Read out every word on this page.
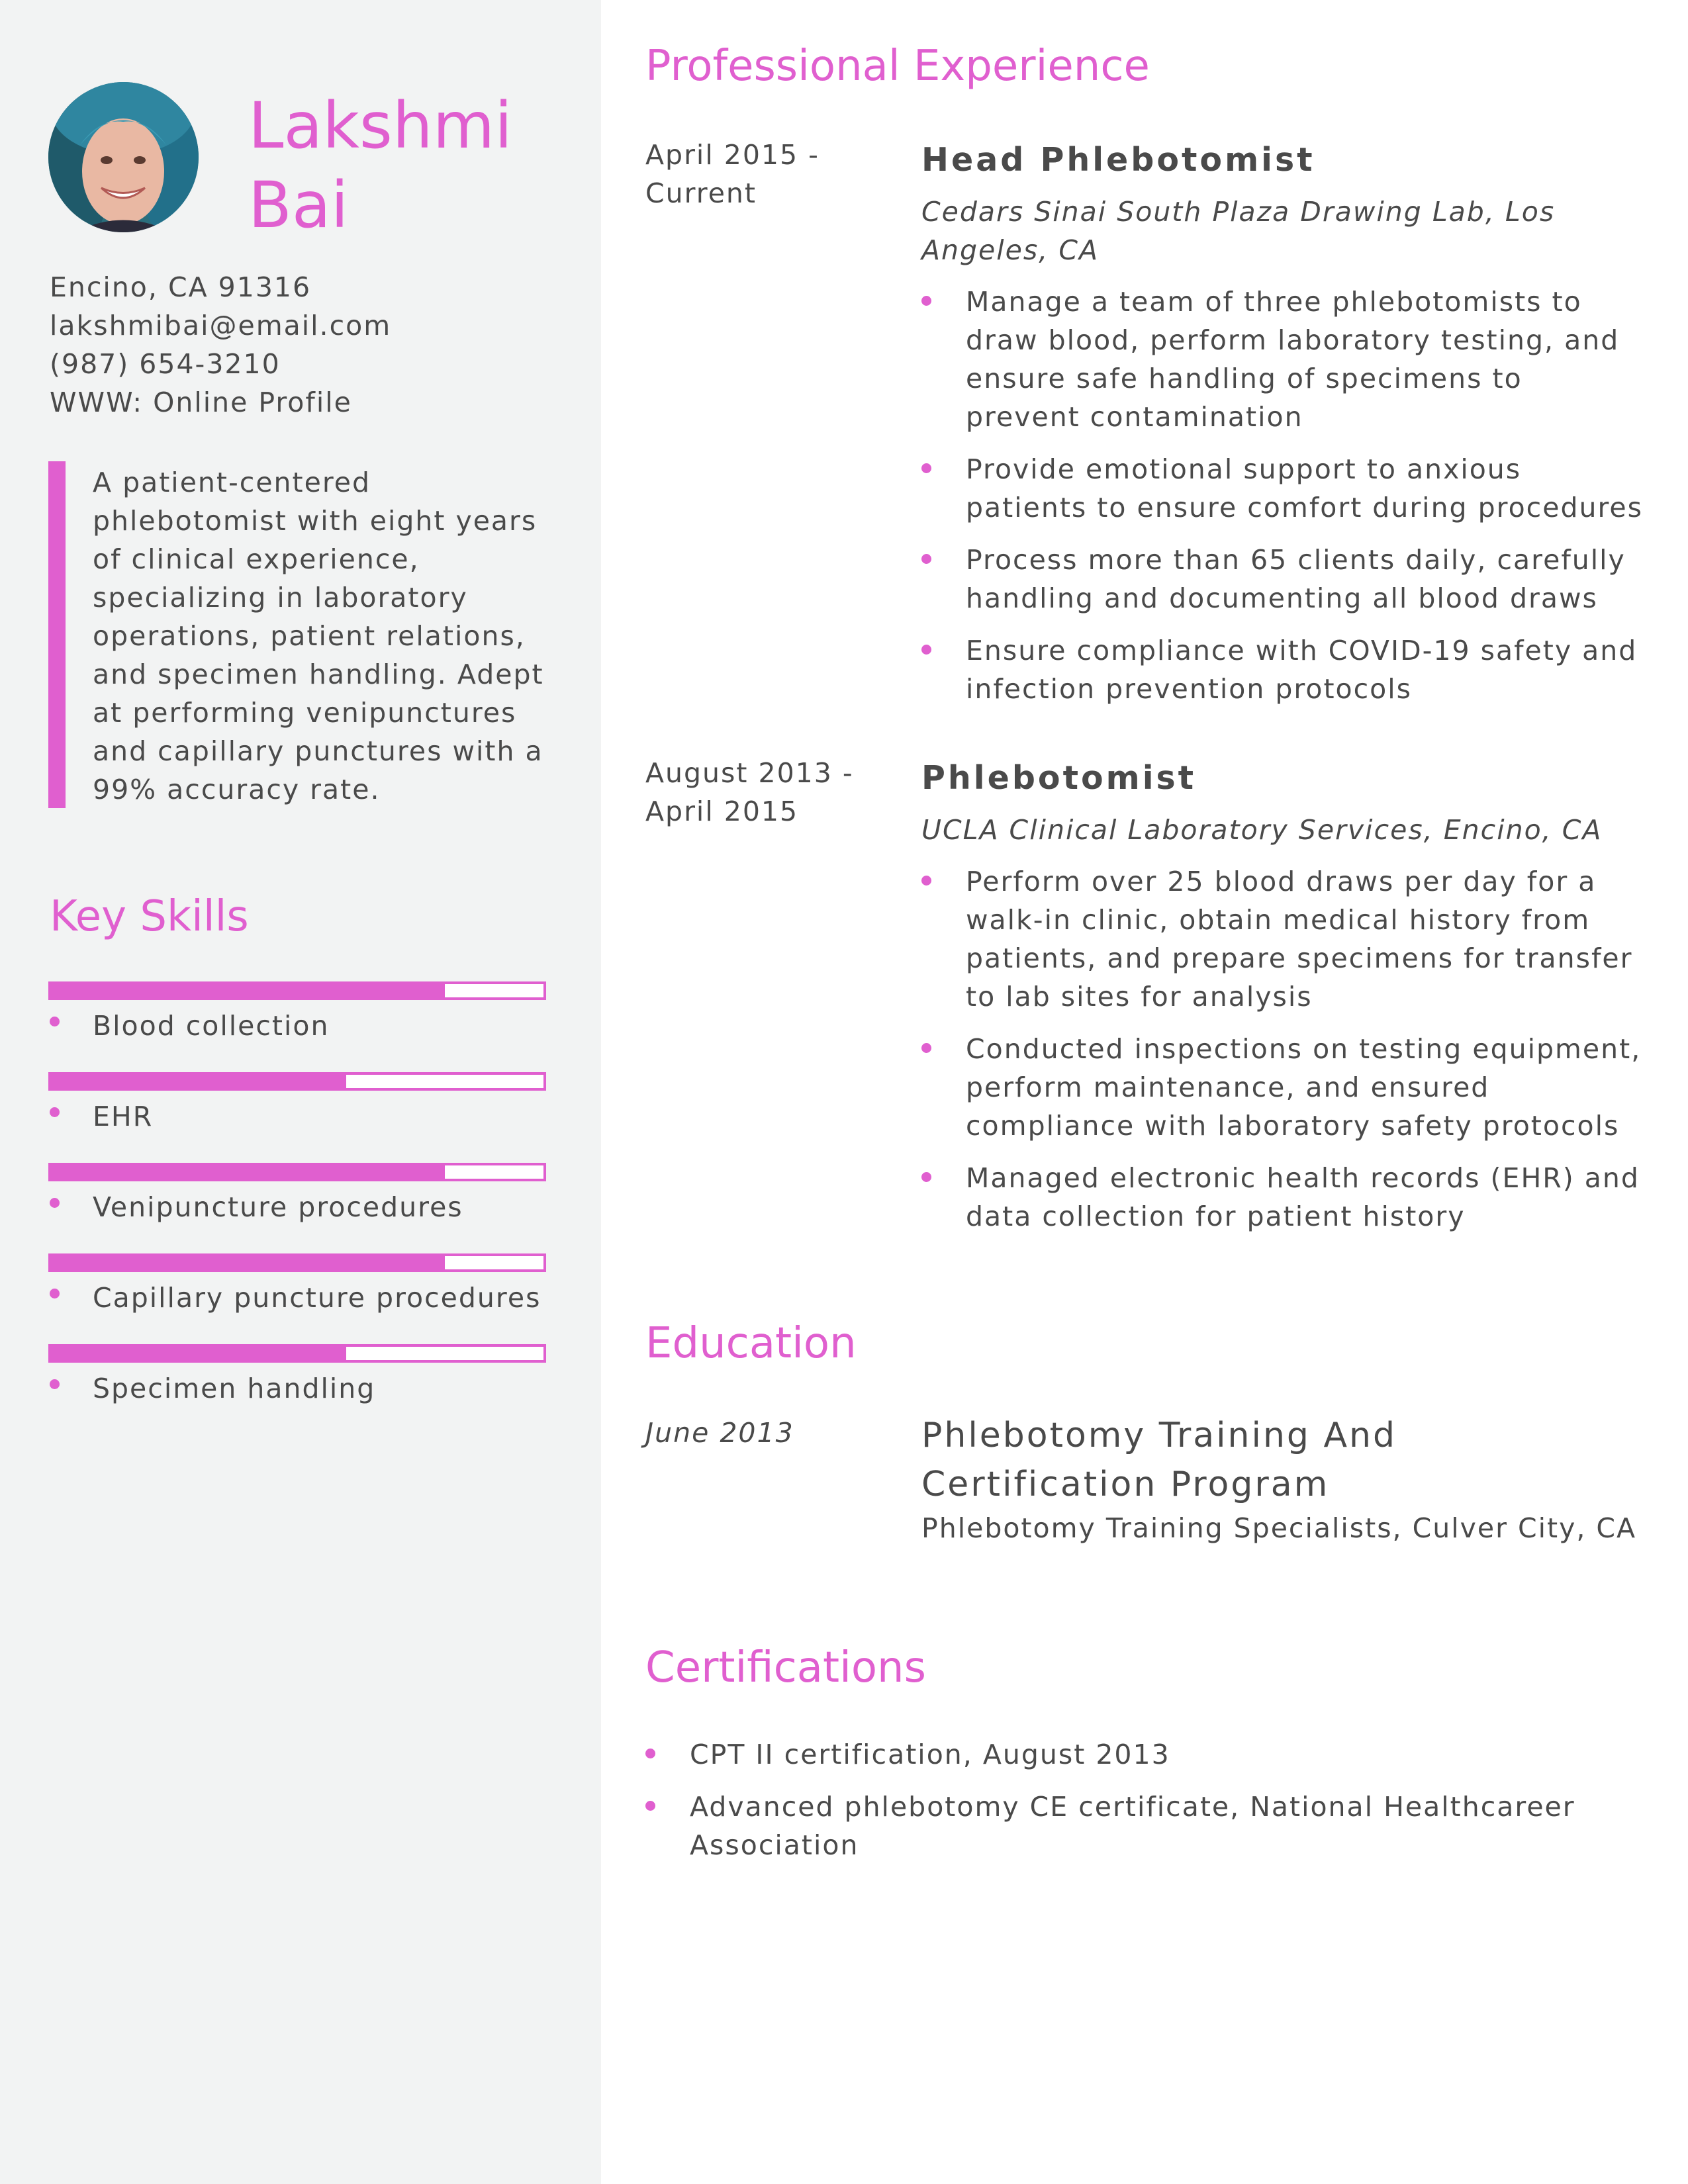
Lakshmi
Bai
Encino, CA 91316
lakshmibai@email.com
(987) 654-3210
WWW: Online Profile

A patient-centered phlebotomist with eight years of clinical experience, specializing in laboratory operations, patient relations, and specimen handling. Adept at performing venipunctures and capillary punctures with a 99% accuracy rate.

Key Skills
Blood collection
EHR
Venipuncture procedures
Capillary puncture procedures
Specimen handling
Professional Experience
April 2015 -
Current
Head Phlebotomist
Cedars Sinai South Plaza Drawing Lab, Los Angeles, CA
Manage a team of three phlebotomists to draw blood, perform laboratory testing, and ensure safe handling of specimens to prevent contamination
Provide emotional support to anxious patients to ensure comfort during procedures
Process more than 65 clients daily, carefully handling and documenting all blood draws
Ensure compliance with COVID-19 safety and infection prevention protocols
August 2013 -
April 2015
Phlebotomist
UCLA Clinical Laboratory Services, Encino, CA
Perform over 25 blood draws per day for a walk-in clinic, obtain medical history from patients, and prepare specimens for transfer to lab sites for analysis
Conducted inspections on testing equipment, perform maintenance, and ensured compliance with laboratory safety protocols
Managed electronic health records (EHR) and data collection for patient history
Education
June 2013	Phlebotomy Training And Certification Program
Phlebotomy Training Specialists, Culver City, CA
Certifications
CPT II certification, August 2013
Advanced phlebotomy CE certificate, National Healthcareer Association
